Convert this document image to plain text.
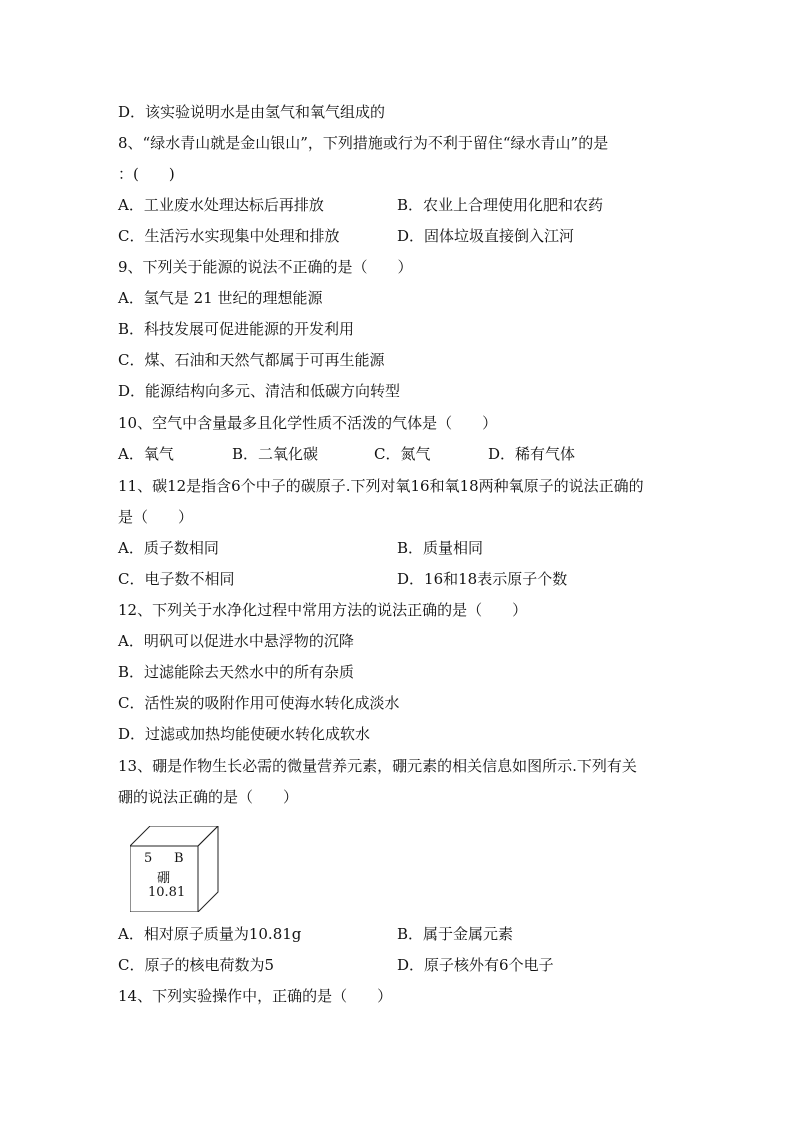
D．该实验说明水是由氢气和氧气组成的
8、“绿水青山就是金山银山”，下列措施或行为不利于留住“绿水青山”的是
：(　　)
A．工业废水处理达标后再排放	B．农业上合理使用化肥和农药
C．生活污水实现集中处理和排放	D．固体垃圾直接倒入江河
9、下列关于能源的说法不正确的是（　　）
A．氢气是 21 世纪的理想能源
B．科技发展可促进能源的开发利用
C．煤、石油和天然气都属于可再生能源
D．能源结构向多元、清洁和低碳方向转型
10、空气中含量最多且化学性质不活泼的气体是（　　）
A．氧气	B．二氧化碳	C．氮气	D．稀有气体
11、碳12是指含6个中子的碳原子.下列对氧16和氧18两种氧原子的说法正确的
是（　　）
A．质子数相同	B．质量相同
C．电子数不相同	D．16和18表示原子个数
12、下列关于水净化过程中常用方法的说法正确的是（　　）
A．明矾可以促进水中悬浮物的沉降
B．过滤能除去天然水中的所有杂质
C．活性炭的吸附作用可使海水转化成淡水
D．过滤或加热均能使硬水转化成软水
13、硼是作物生长必需的微量营养元素，硼元素的相关信息如图所示.下列有关
硼的说法正确的是（　　）
5 B
硼
10.81
A．相对原子质量为10.81g	B．属于金属元素
C．原子的核电荷数为5	D．原子核外有6个电子
14、下列实验操作中，正确的是（　　）
